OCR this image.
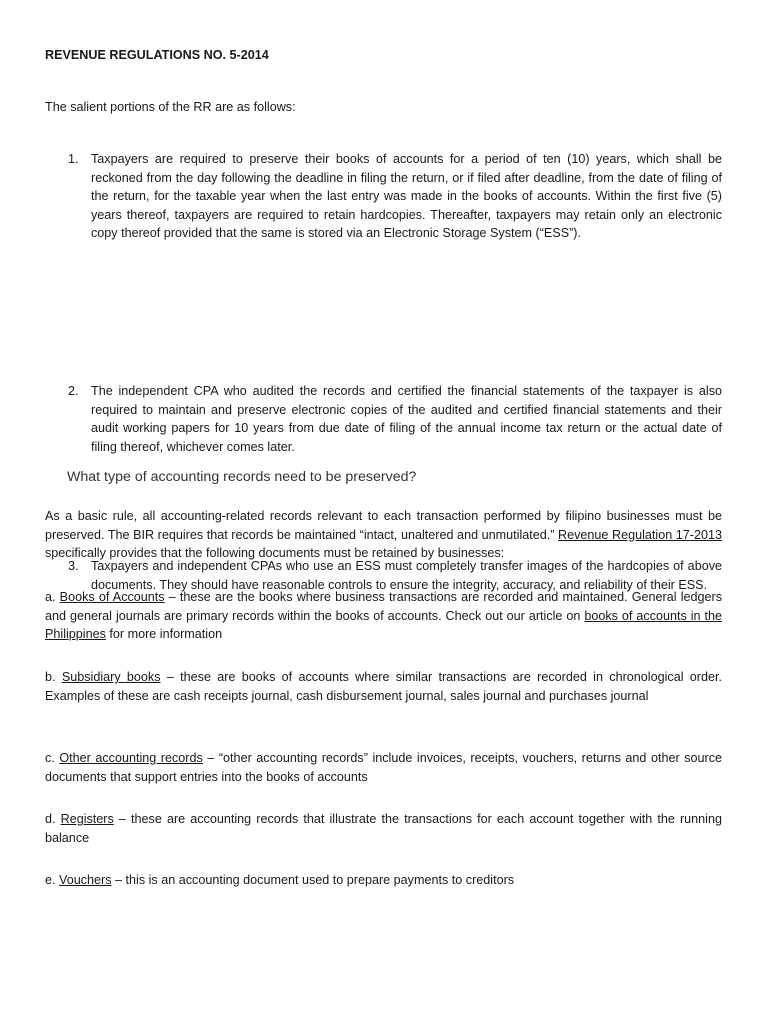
REVENUE REGULATIONS NO. 5-2014

The salient portions of the RR are as follows:

1. Taxpayers are required to preserve their books of accounts for a period of ten (10) years, which shall be reckoned from the day following the deadline in filing the return, or if filed after deadline, from the date of filing of the return, for the taxable year when the last entry was made in the books of accounts. Within the first five (5) years thereof, taxpayers are required to retain hardcopies. Thereafter, taxpayers may retain only an electronic copy thereof provided that the same is stored via an Electronic Storage System (“ESS”).
2. The independent CPA who audited the records and certified the financial statements of the taxpayer is also required to maintain and preserve electronic copies of the audited and certified financial statements and their audit working papers for 10 years from due date of filing of the annual income tax return or the actual date of filing thereof, whichever comes later.
3. Taxpayers and independent CPAs who use an ESS must completely transfer images of the hardcopies of above documents. They should have reasonable controls to ensure the integrity, accuracy, and reliability of their ESS.
What type of accounting records need to be preserved?

As a basic rule, all accounting-related records relevant to each transaction performed by filipino businesses must be preserved. The BIR requires that records be maintained “intact, unaltered and unmutilated.” Revenue Regulation 17-2013 specifically provides that the following documents must be retained by businesses:

a. Books of Accounts – these are the books where business transactions are recorded and maintained. General ledgers and general journals are primary records within the books of accounts. Check out our article on books of accounts in the Philippines for more information

b. Subsidiary books – these are books of accounts where similar transactions are recorded in chronological order. Examples of these are cash receipts journal, cash disbursement journal, sales journal and purchases journal

c. Other accounting records – “other accounting records” include invoices, receipts, vouchers, returns and other source documents that support entries into the books of accounts

d. Registers – these are accounting records that illustrate the transactions for each account together with the running balance

e. Vouchers – this is an accounting document used to prepare payments to creditors
